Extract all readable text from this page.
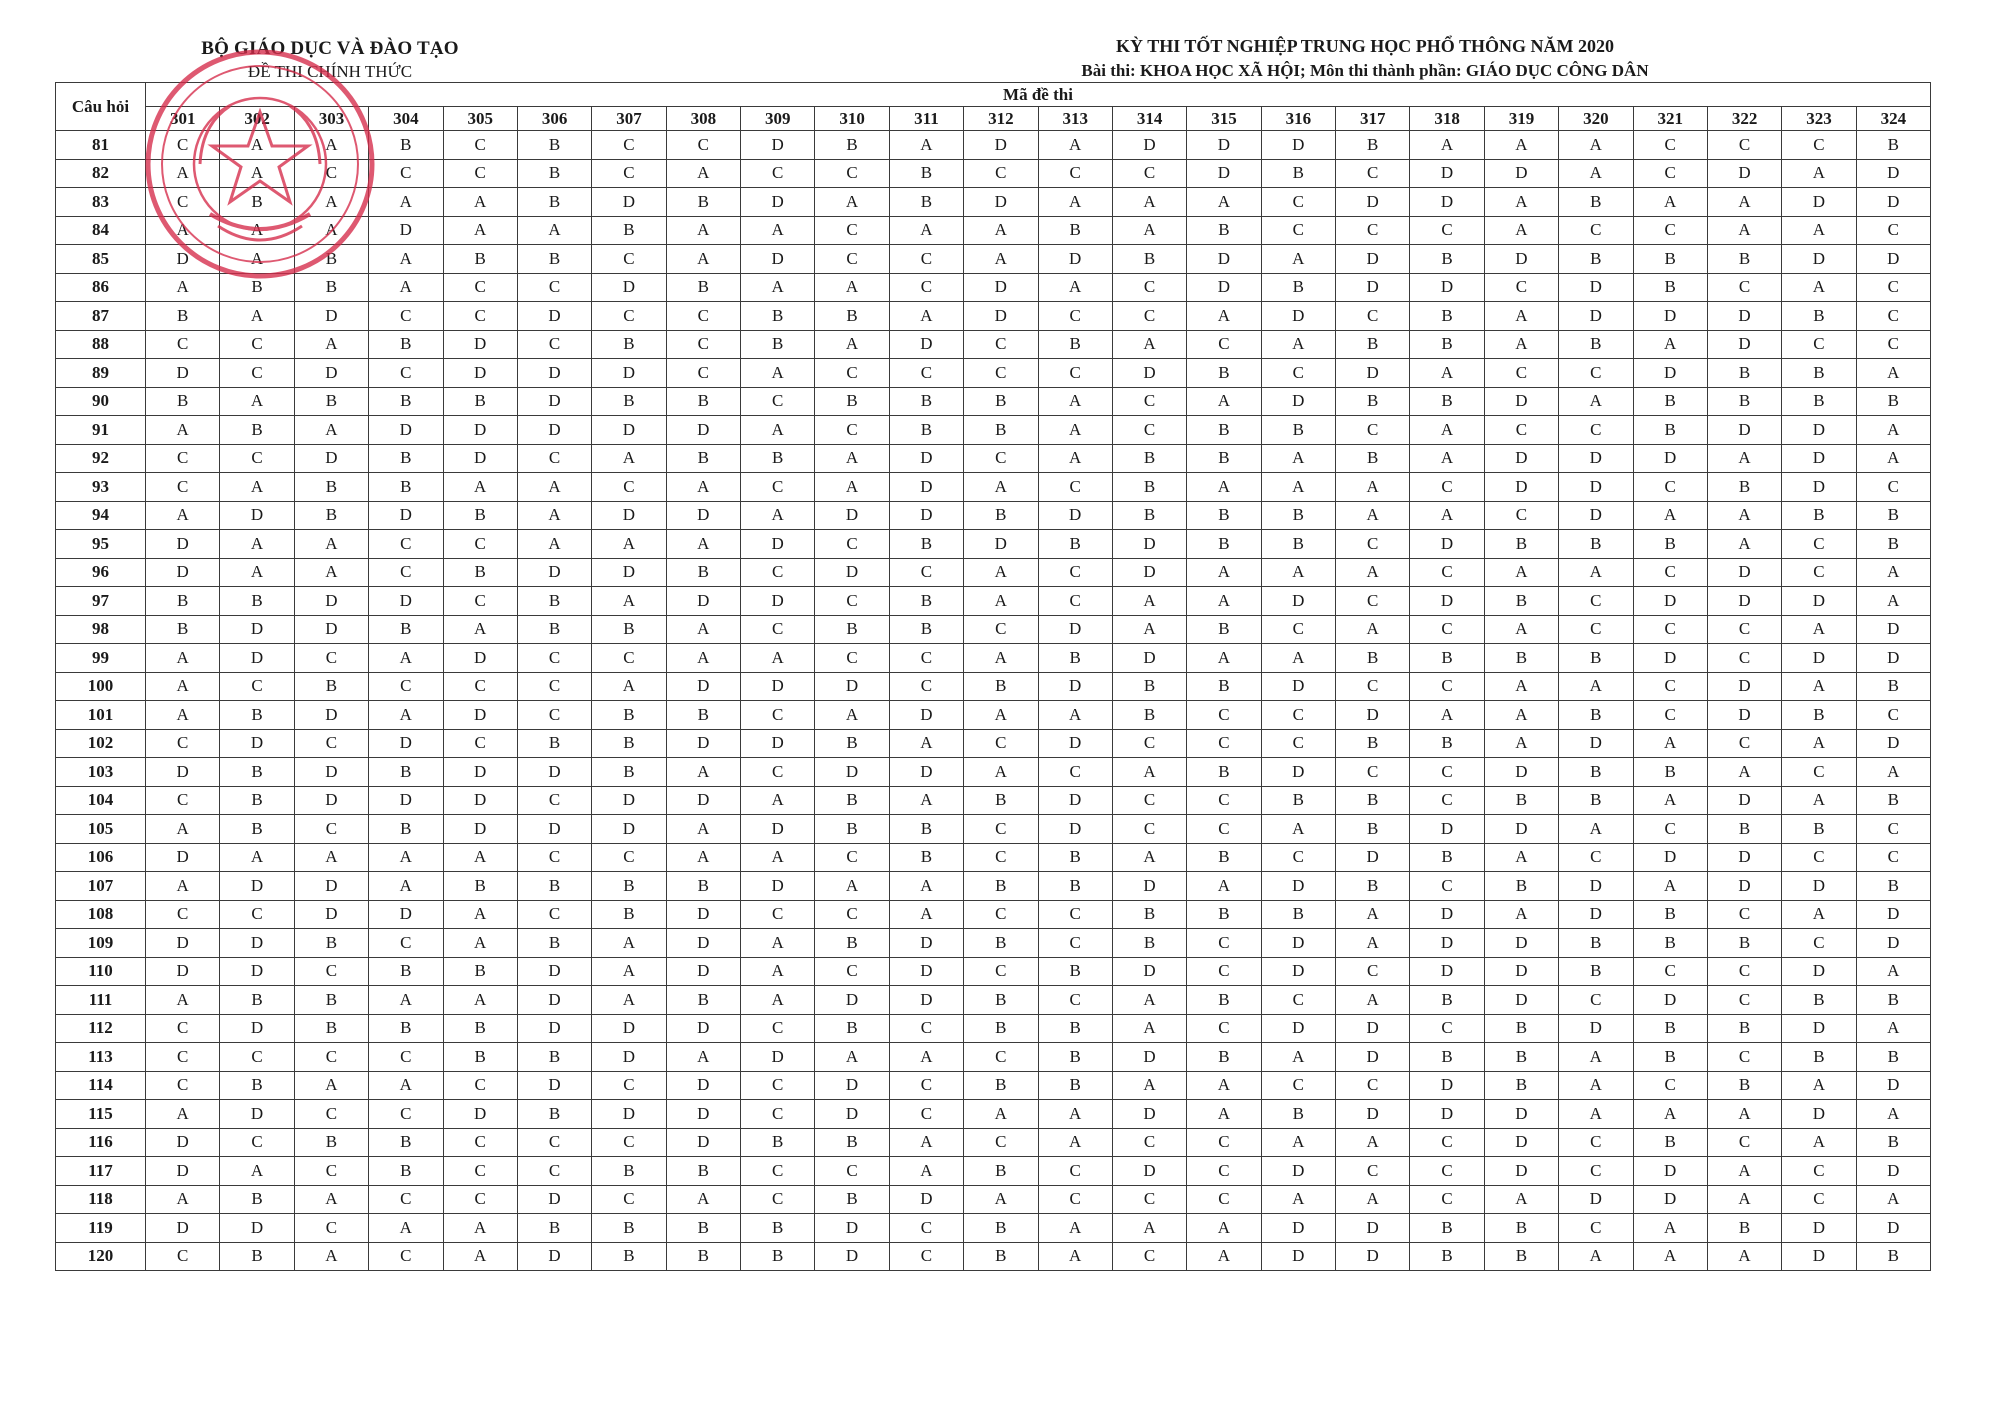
BỘ GIÁO DỤC VÀ ĐÀO TẠO
ĐỀ THI CHÍNH THỨC
KỲ THI TỐT NGHIỆP TRUNG HỌC PHỔ THÔNG NĂM 2020
Bài thi: KHOA HỌC XÃ HỘI; Môn thi thành phần: GIÁO DỤC CÔNG DÂN
Câu hỏi	Mã đề thi																							
	301	302	303	304	305	306	307	308	309	310	311	312	313	314	315	316	317	318	319	320	321	322	323	324
81	C	A	A	B	C	B	C	C	D	B	A	D	A	D	D	D	B	A	A	A	C	C	C	B
82	A	A	C	C	C	B	C	A	C	C	B	C	C	C	D	B	C	D	D	A	C	D	A	D
83	C	B	A	A	A	B	D	B	D	A	B	D	A	A	A	C	D	D	A	B	A	A	D	D
84	A	A	A	D	A	A	B	A	A	C	A	A	B	A	B	C	C	C	A	C	C	A	A	C
85	D	A	B	A	B	B	C	A	D	C	C	A	D	B	D	A	D	B	D	B	B	B	D	D
86	A	B	B	A	C	C	D	B	A	A	C	D	A	C	D	B	D	D	C	D	B	C	A	C
87	B	A	D	C	C	D	C	C	B	B	A	D	C	C	A	D	C	B	A	D	D	D	B	C
88	C	C	A	B	D	C	B	C	B	A	D	C	B	A	C	A	B	B	A	B	A	D	C	C
89	D	C	D	C	D	D	D	C	A	C	C	C	C	D	B	C	D	A	C	C	D	B	B	A
90	B	A	B	B	B	D	B	B	C	B	B	B	A	C	A	D	B	B	D	A	B	B	B	B
91	A	B	A	D	D	D	D	D	A	C	B	B	A	C	B	B	C	A	C	C	B	D	D	A
92	C	C	D	B	D	C	A	B	B	A	D	C	A	B	B	A	B	A	D	D	D	A	D	A
93	C	A	B	B	A	A	C	A	C	A	D	A	C	B	A	A	A	C	D	D	C	B	D	C
94	A	D	B	D	B	A	D	D	A	D	D	B	D	B	B	B	A	A	C	D	A	A	B	B
95	D	A	A	C	C	A	A	A	D	C	B	D	B	D	B	B	C	D	B	B	B	A	C	B
96	D	A	A	C	B	D	D	B	C	D	C	A	C	D	A	A	A	C	A	A	C	D	C	A
97	B	B	D	D	C	B	A	D	D	C	B	A	C	A	A	D	C	D	B	C	D	D	D	A
98	B	D	D	B	A	B	B	A	C	B	B	C	D	A	B	C	A	C	A	C	C	C	A	D
99	A	D	C	A	D	C	C	A	A	C	C	A	B	D	A	A	B	B	B	B	D	C	D	D
100	A	C	B	C	C	C	A	D	D	D	C	B	D	B	B	D	C	C	A	A	C	D	A	B
101	A	B	D	A	D	C	B	B	C	A	D	A	A	B	C	C	D	A	A	B	C	D	B	C
102	C	D	C	D	C	B	B	D	D	B	A	C	D	C	C	C	B	B	A	D	A	C	A	D
103	D	B	D	B	D	D	B	A	C	D	D	A	C	A	B	D	C	C	D	B	B	A	C	A
104	C	B	D	D	D	C	D	D	A	B	A	B	D	C	C	B	B	C	B	B	A	D	A	B
105	A	B	C	B	D	D	D	A	D	B	B	C	D	C	C	A	B	D	D	A	C	B	B	C
106	D	A	A	A	A	C	C	A	A	C	B	C	B	A	B	C	D	B	A	C	D	D	C	C
107	A	D	D	A	B	B	B	B	D	A	A	B	B	D	A	D	B	C	B	D	A	D	D	B
108	C	C	D	D	A	C	B	D	C	C	A	C	C	B	B	B	A	D	A	D	B	C	A	D
109	D	D	B	C	A	B	A	D	A	B	D	B	C	B	C	D	A	D	D	B	B	B	C	D
110	D	D	C	B	B	D	A	D	A	C	D	C	B	D	C	D	C	D	D	B	C	C	D	A
111	A	B	B	A	A	D	A	B	A	D	D	B	C	A	B	C	A	B	D	C	D	C	B	B
112	C	D	B	B	B	D	D	D	C	B	C	B	B	A	C	D	D	C	B	D	B	B	D	A
113	C	C	C	C	B	B	D	A	D	A	A	C	B	D	B	A	D	B	B	A	B	C	B	B
114	C	B	A	A	C	D	C	D	C	D	C	B	B	A	A	C	C	D	B	A	C	B	A	D
115	A	D	C	C	D	B	D	D	C	D	C	A	A	D	A	B	D	D	D	A	A	A	D	A
116	D	C	B	B	C	C	C	D	B	B	A	C	A	C	C	A	A	C	D	C	B	C	A	B
117	D	A	C	B	C	C	B	B	C	C	A	B	C	D	C	D	C	C	D	C	D	A	C	D
118	A	B	A	C	C	D	C	A	C	B	D	A	C	C	C	A	A	C	A	D	D	A	C	A
119	D	D	C	A	A	B	B	B	B	D	C	B	A	A	A	D	D	B	B	C	A	B	D	D
120	C	B	A	C	A	D	B	B	B	D	C	B	A	C	A	D	D	B	B	A	A	A	D	B
